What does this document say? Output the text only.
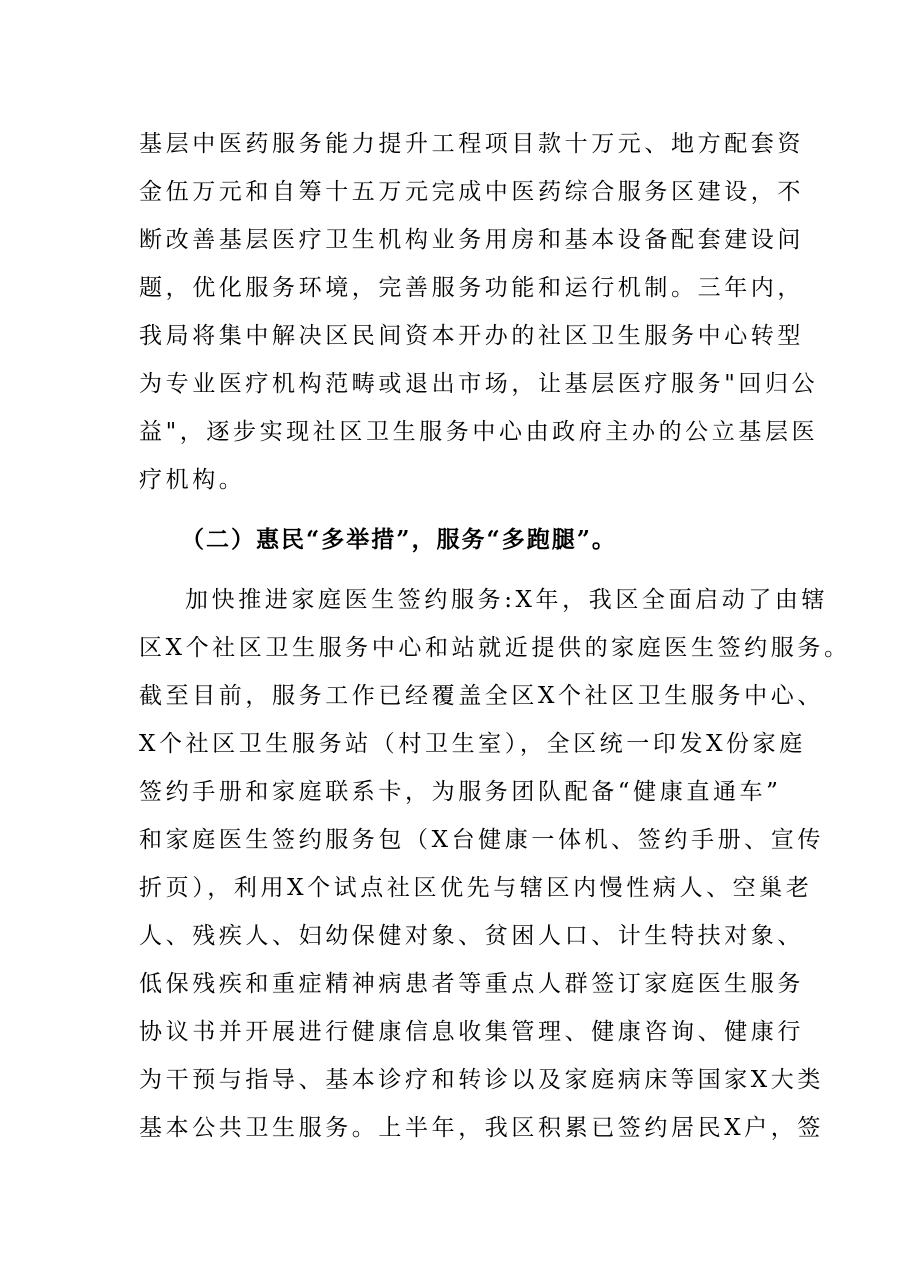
基层中医药服务能力提升工程项目款十万元、地方配套资
金伍万元和自筹十五万元完成中医药综合服务区建设，不
断改善基层医疗卫生机构业务用房和基本设备配套建设问
题，优化服务环境，完善服务功能和运行机制。三年内，
我局将集中解决区民间资本开办的社区卫生服务中心转型
为专业医疗机构范畴或退出市场，让基层医疗服务"回归公
益"，逐步实现社区卫生服务中心由政府主办的公立基层医
疗机构。
（二）惠民“多举措”，服务“多跑腿”。
加快推进家庭医生签约服务:X年，我区全面启动了由辖
区X个社区卫生服务中心和站就近提供的家庭医生签约服务。
截至目前，服务工作已经覆盖全区X个社区卫生服务中心、
X个社区卫生服务站（村卫生室），全区统一印发X份家庭
签约手册和家庭联系卡，为服务团队配备“健康直通车”
和家庭医生签约服务包（X台健康一体机、签约手册、宣传
折页），利用X个试点社区优先与辖区内慢性病人、空巢老
人、残疾人、妇幼保健对象、贫困人口、计生特扶对象、
低保残疾和重症精神病患者等重点人群签订家庭医生服务
协议书并开展进行健康信息收集管理、健康咨询、健康行
为干预与指导、基本诊疗和转诊以及家庭病床等国家X大类
基本公共卫生服务。上半年，我区积累已签约居民X户，签
